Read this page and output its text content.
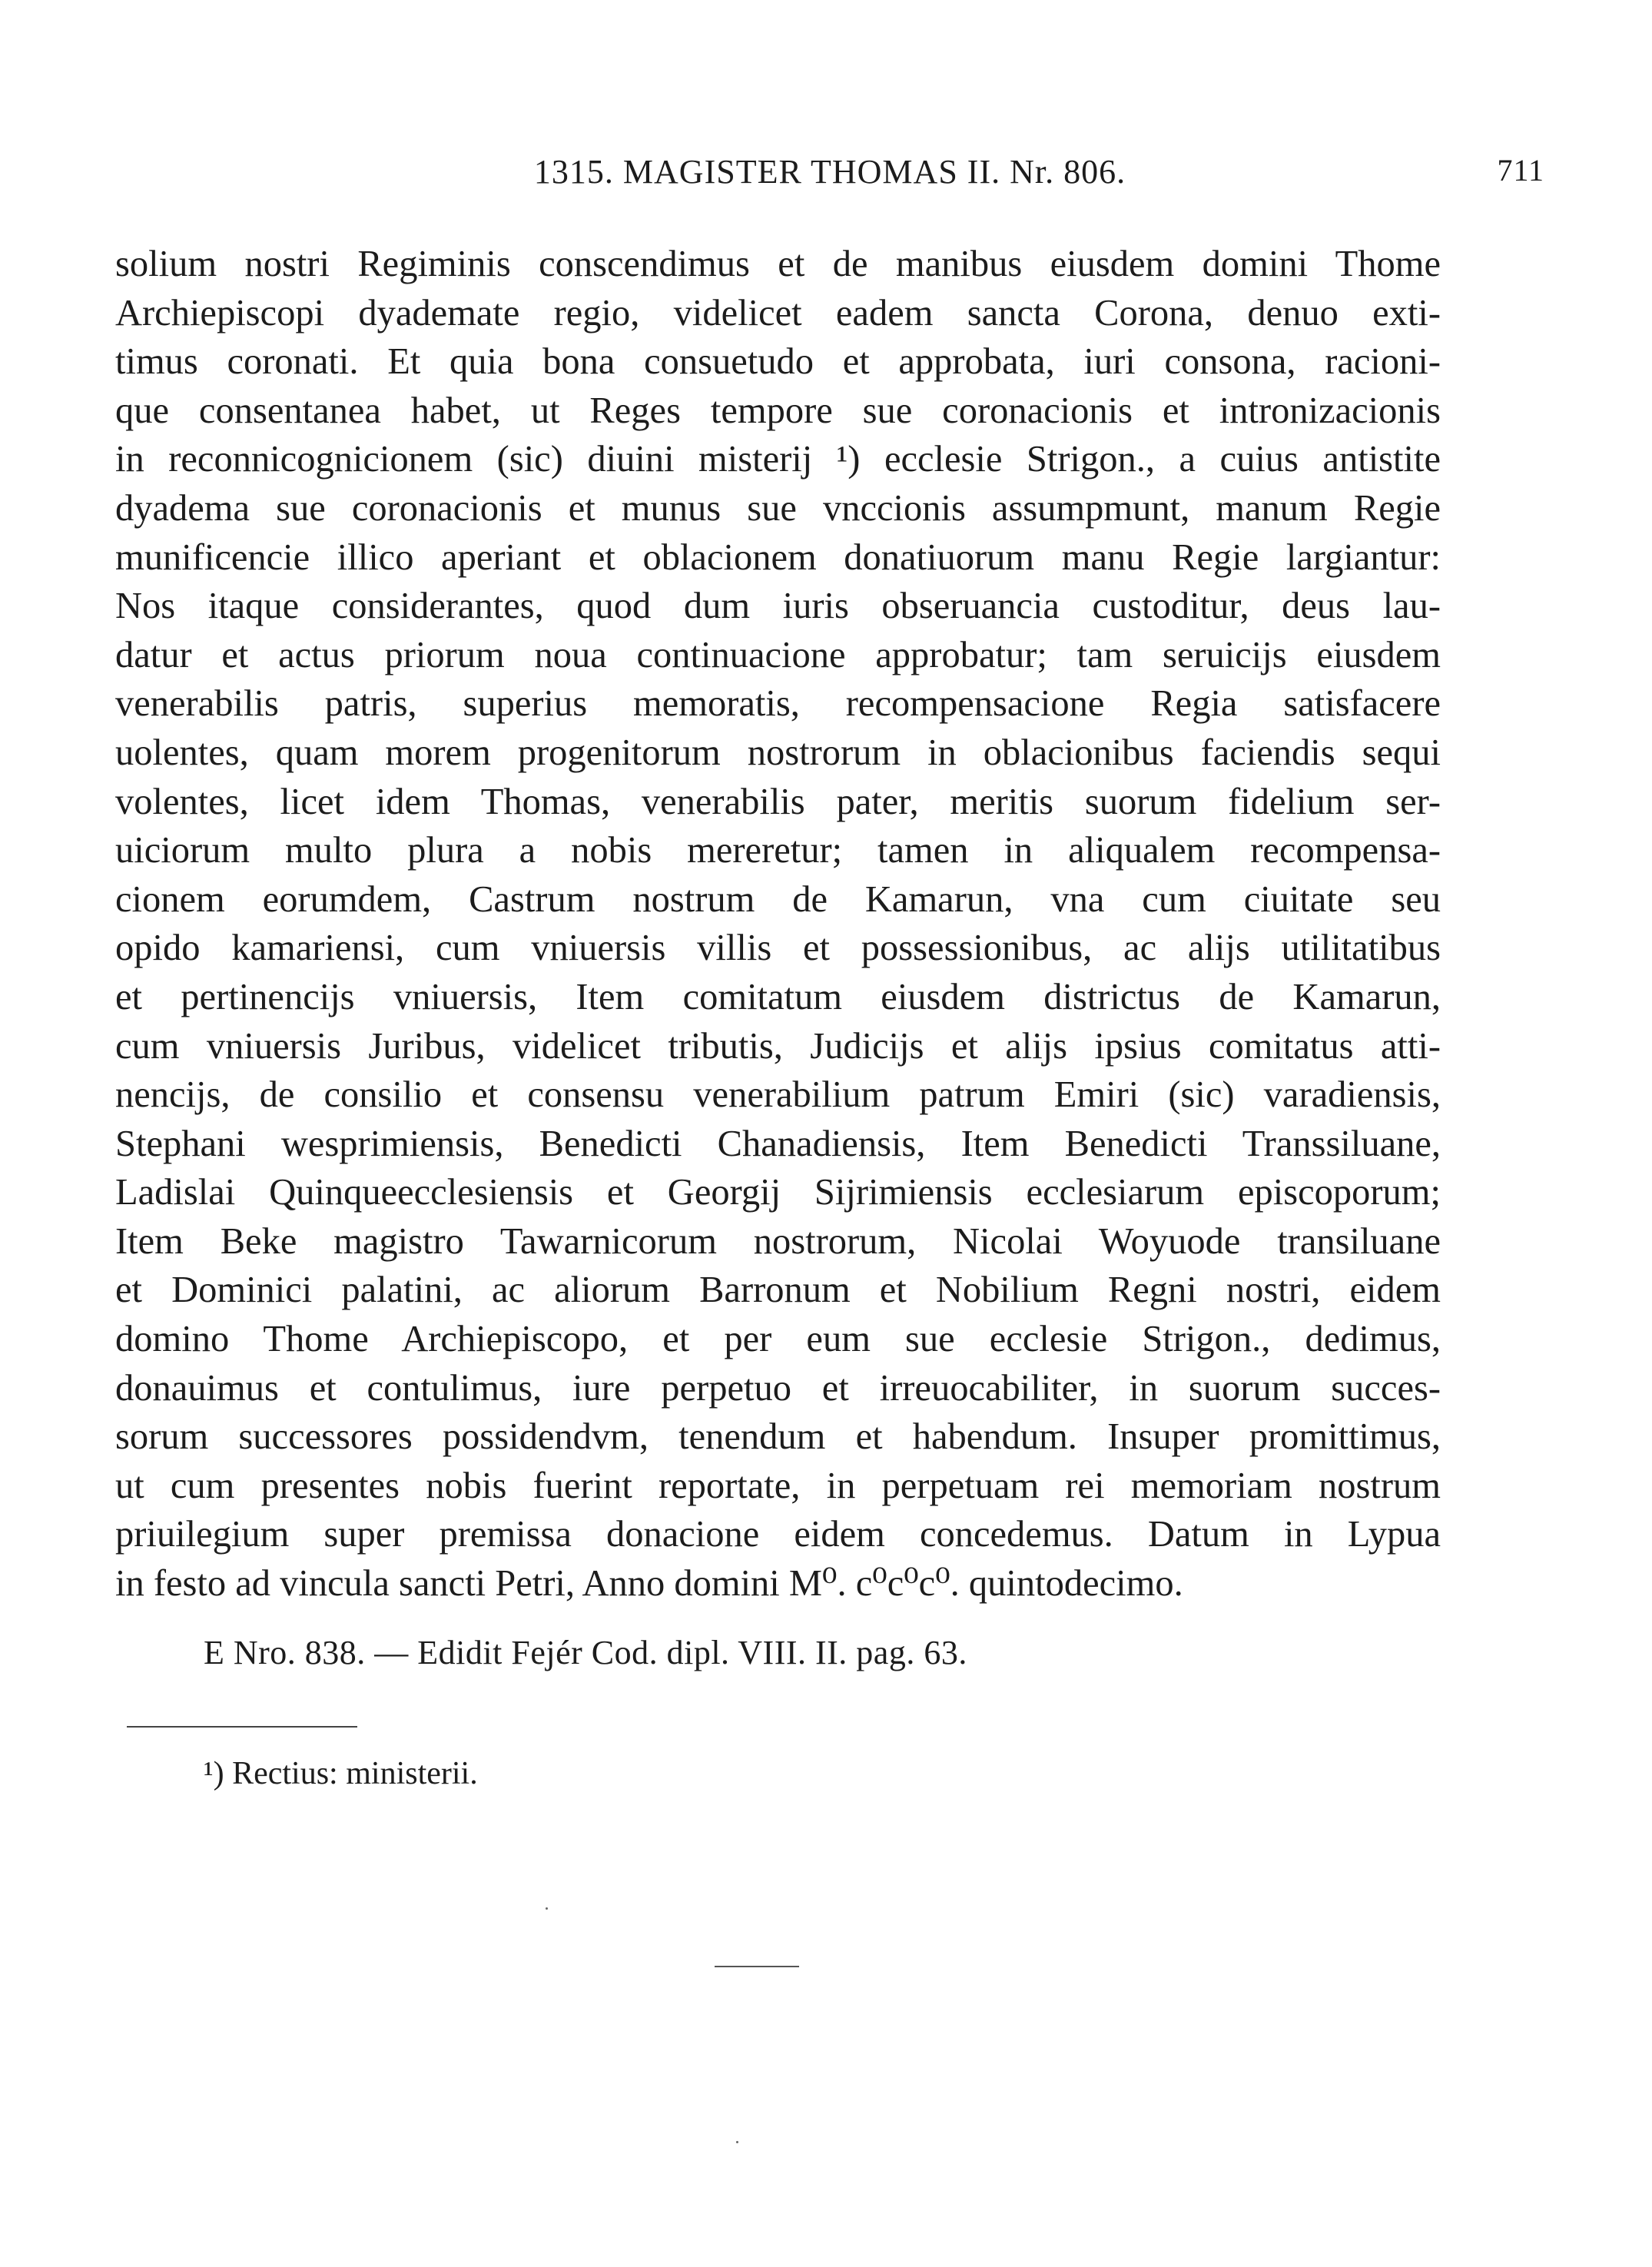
1315. MAGISTER THOMAS II. Nr. 806.	711
solium nostri Regiminis conscendimus et de manibus eiusdem domini Thome
Archiepiscopi dyademate regio, videlicet eadem sancta Corona, denuo exti-
timus coronati. Et quia bona consuetudo et approbata, iuri consona, racioni-
que consentanea habet, ut Reges tempore sue coronacionis et intronizacionis
in reconnicognicionem (sic) diuini misterij ¹) ecclesie Strigon., a cuius antistite
dyadema sue coronacionis et munus sue vnccionis assumpmunt, manum Regie
munificencie illico aperiant et oblacionem donatiuorum manu Regie largiantur:
Nos itaque considerantes, quod dum iuris obseruancia custoditur, deus lau-
datur et actus priorum noua continuacione approbatur; tam seruicijs eiusdem
venerabilis patris, superius memoratis, recompensacione Regia satisfacere
uolentes, quam morem progenitorum nostrorum in oblacionibus faciendis sequi
volentes, licet idem Thomas, venerabilis pater, meritis suorum fidelium ser-
uiciorum multo plura a nobis mereretur; tamen in aliqualem recompensa-
cionem eorumdem, Castrum nostrum de Kamarun, vna cum ciuitate seu
opido kamariensi, cum vniuersis villis et possessionibus, ac alijs utilitatibus
et pertinencijs vniuersis, Item comitatum eiusdem districtus de Kamarun,
cum vniuersis Juribus, videlicet tributis, Judicijs et alijs ipsius comitatus atti-
nencijs, de consilio et consensu venerabilium patrum Emiri (sic) varadiensis,
Stephani wesprimiensis, Benedicti Chanadiensis, Item Benedicti Transsiluane,
Ladislai Quinqueecclesiensis et Georgij Sijrimiensis ecclesiarum episcoporum;
Item Beke magistro Tawarnicorum nostrorum, Nicolai Woyuode transiluane
et Dominici palatini, ac aliorum Barronum et Nobilium Regni nostri, eidem
domino Thome Archiepiscopo, et per eum sue ecclesie Strigon., dedimus,
donauimus et contulimus, iure perpetuo et irreuocabiliter, in suorum succes-
sorum successores possidendvm, tenendum et habendum. Insuper promittimus,
ut cum presentes nobis fuerint reportate, in perpetuam rei memoriam nostrum
priuilegium super premissa donacione eidem concedemus. Datum in Lypua
in festo ad vincula sancti Petri, Anno domini M⁰. c⁰c⁰c⁰. quintodecimo.
E Nro. 838. — Edidit Fejér Cod. dipl. VIII. II. pag. 63.
¹) Rectius: ministerii.
